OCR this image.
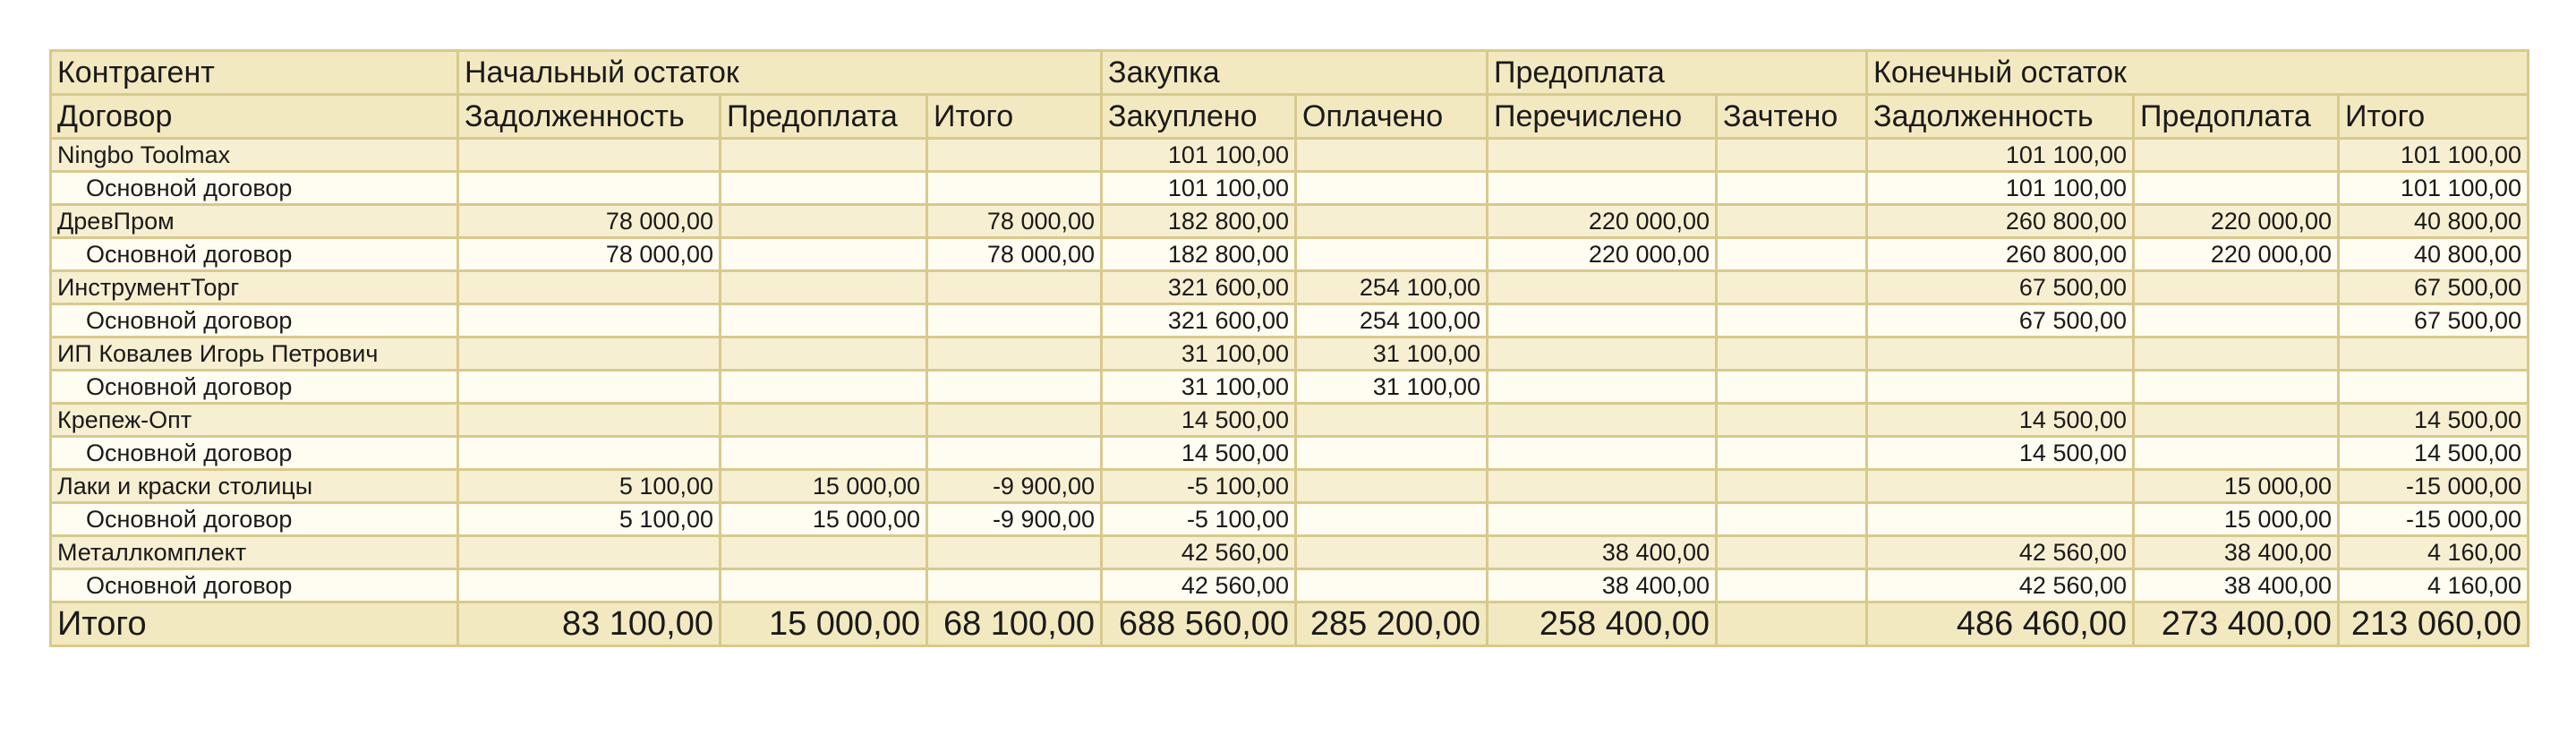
Контрагент	Начальный остаток			Закупка		Предоплата		Конечный остаток		
Договор	Задолженность	Предоплата	Итого	Закуплено	Оплачено	Перечислено	Зачтено	Задолженность	Предоплата	Итого
Ningbo Toolmax				101 100,00				101 100,00		101 100,00
Основной договор				101 100,00				101 100,00		101 100,00
ДревПром	78 000,00		78 000,00	182 800,00		220 000,00		260 800,00	220 000,00	40 800,00
Основной договор	78 000,00		78 000,00	182 800,00		220 000,00		260 800,00	220 000,00	40 800,00
ИнструментТорг				321 600,00	254 100,00			67 500,00		67 500,00
Основной договор				321 600,00	254 100,00			67 500,00		67 500,00
ИП Ковалев Игорь Петрович				31 100,00	31 100,00					
Основной договор				31 100,00	31 100,00					
Крепеж-Опт				14 500,00				14 500,00		14 500,00
Основной договор				14 500,00				14 500,00		14 500,00
Лаки и краски столицы	5 100,00	15 000,00	-9 900,00	-5 100,00					15 000,00	-15 000,00
Основной договор	5 100,00	15 000,00	-9 900,00	-5 100,00					15 000,00	-15 000,00
Металлкомплект				42 560,00		38 400,00		42 560,00	38 400,00	4 160,00
Основной договор				42 560,00		38 400,00		42 560,00	38 400,00	4 160,00
Итого	83 100,00	15 000,00	68 100,00	688 560,00	285 200,00	258 400,00		486 460,00	273 400,00	213 060,00
